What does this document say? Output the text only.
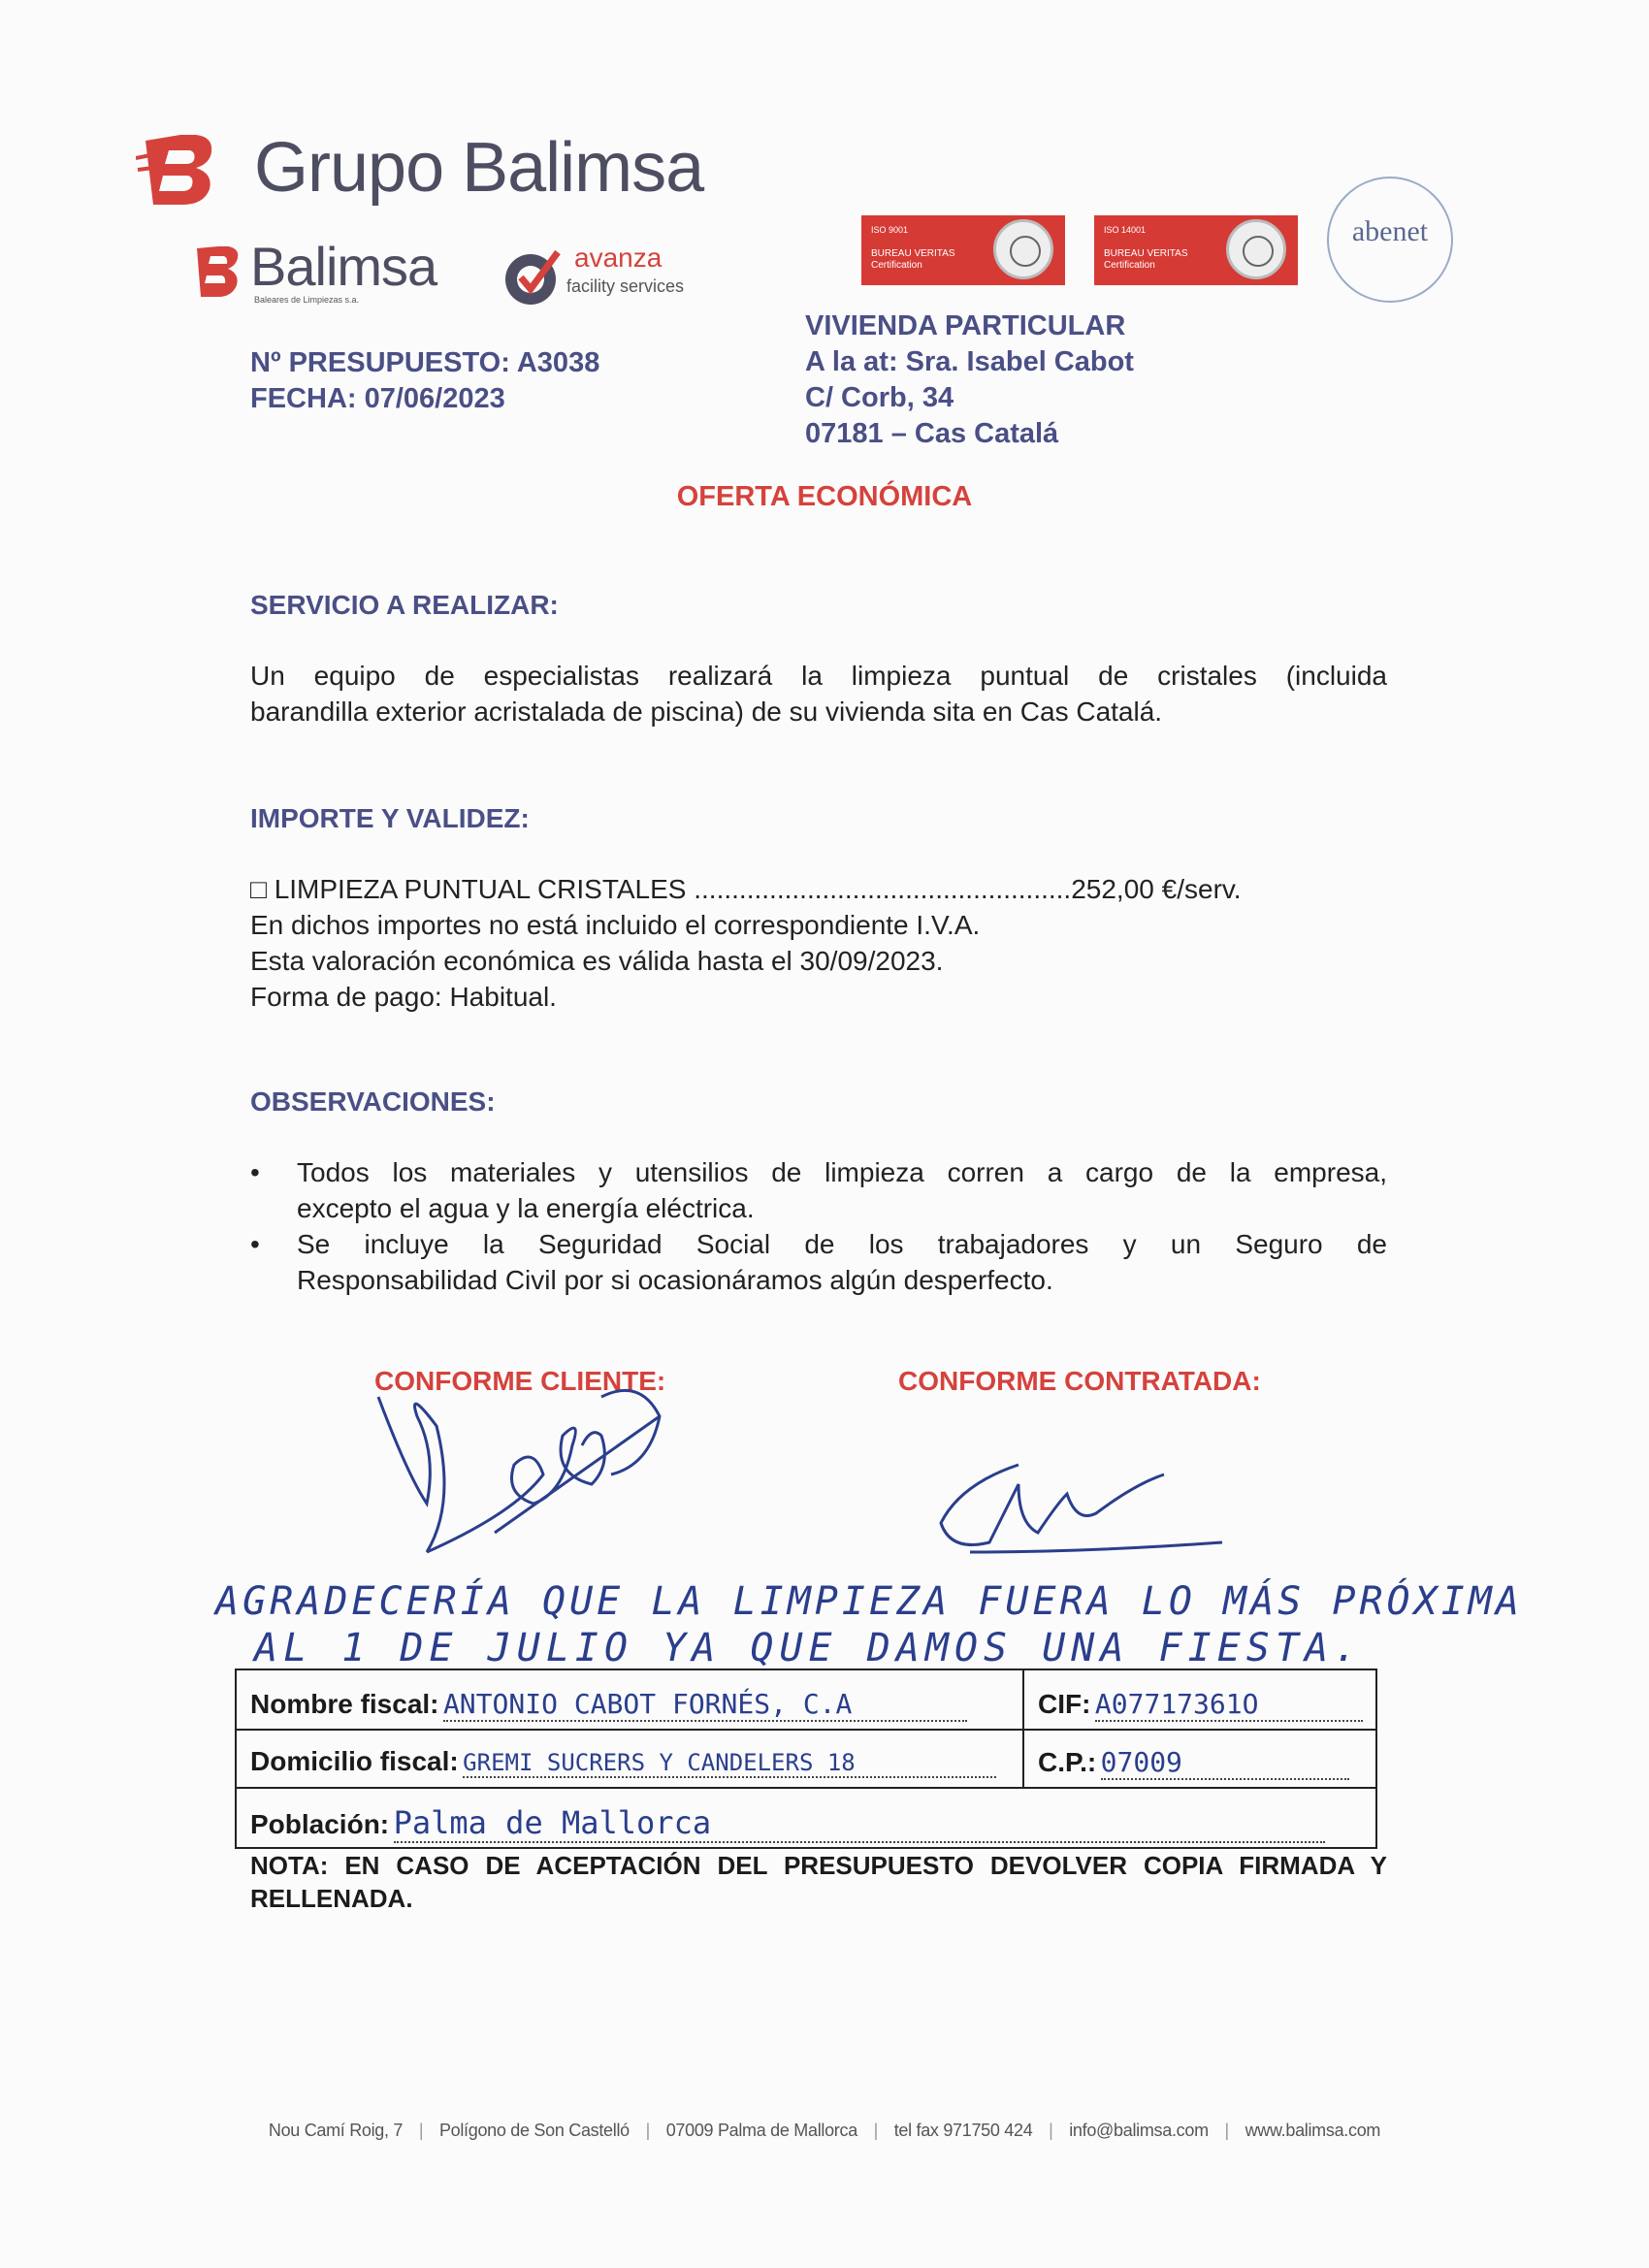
Grupo Balimsa
Balimsa
Baleares de Limpiezas s.a.
avanza
facility services
ISO 9001
BUREAU VERITAS
Certification
ISO 14001
BUREAU VERITAS
Certification
abenet
Nº PRESUPUESTO: A3038
FECHA: 07/06/2023
VIVIENDA PARTICULAR
A la at: Sra. Isabel Cabot
C/ Corb, 34
07181 – Cas Catalá
OFERTA ECONÓMICA
SERVICIO A REALIZAR:
Un equipo de especialistas realizará la limpieza puntual de cristales (incluida
barandilla exterior acristalada de piscina) de su vivienda sita en Cas Catalá.
IMPORTE Y VALIDEZ:
□ LIMPIEZA PUNTUAL CRISTALES ..................................................252,00 €/serv.
En dichos importes no está incluido el correspondiente I.V.A.
Esta valoración económica es válida hasta el 30/09/2023.
Forma de pago: Habitual.
OBSERVACIONES:
• Todos los materiales y utensilios de limpieza corren a cargo de la empresa,
excepto el agua y la energía eléctrica.
• Se incluye la Seguridad Social de los trabajadores y un Seguro de
Responsabilidad Civil por si ocasionáramos algún desperfecto.
CONFORME CLIENTE:	CONFORME CONTRATADA:
AGRADECERÍA QUE LA LIMPIEZA FUERA LO MÁS PRÓXIMA
AL 1 DE JULIO YA QUE DAMOS UNA FIESTA.
Nombre fiscal: ANTONIO CABOT FORNÉS, C.A	CIF: A07717361O
Domicilio fiscal: GREMI SUCRERS Y CANDELERS 18	C.P.: 07009
Población: Palma de Mallorca
NOTA: EN CASO DE ACEPTACIÓN DEL PRESUPUESTO DEVOLVER COPIA FIRMADA Y
RELLENADA.
Nou Camí Roig, 7 | Polígono de Son Castelló | 07009 Palma de Mallorca | tel fax 971750 424 | info@balimsa.com | www.balimsa.com
